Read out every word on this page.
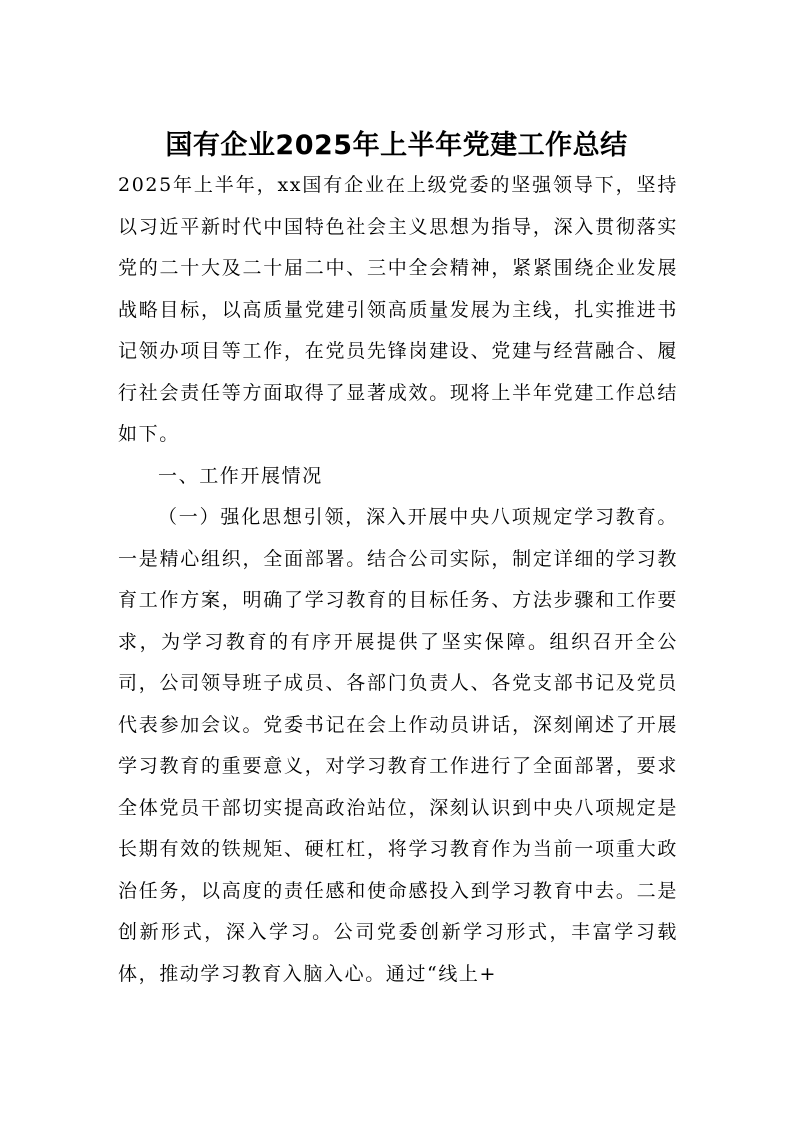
国有企业2025年上半年党建工作总结

2025年上半年，xx国有企业在上级党委的坚强领导下，坚持以习近平新时代中国特色社会主义思想为指导，深入贯彻落实党的二十大及二十届二中、三中全会精神，紧紧围绕企业发展战略目标，以高质量党建引领高质量发展为主线，扎实推进书记领办项目等工作，在党员先锋岗建设、党建与经营融合、履行社会责任等方面取得了显著成效。现将上半年党建工作总结如下。

一、工作开展情况

（一）强化思想引领，深入开展中央八项规定学习教育。一是精心组织，全面部署。结合公司实际，制定详细的学习教育工作方案，明确了学习教育的目标任务、方法步骤和工作要求，为学习教育的有序开展提供了坚实保障。组织召开全公司，公司领导班子成员、各部门负责人、各党支部书记及党员代表参加会议。党委书记在会上作动员讲话，深刻阐述了开展学习教育的重要意义，对学习教育工作进行了全面部署，要求全体党员干部切实提高政治站位，深刻认识到中央八项规定是长期有效的铁规矩、硬杠杠，将学习教育作为当前一项重大政治任务，以高度的责任感和使命感投入到学习教育中去。二是创新形式，深入学习。公司党委创新学习形式，丰富学习载体，推动学习教育入脑入心。通过“线上+
